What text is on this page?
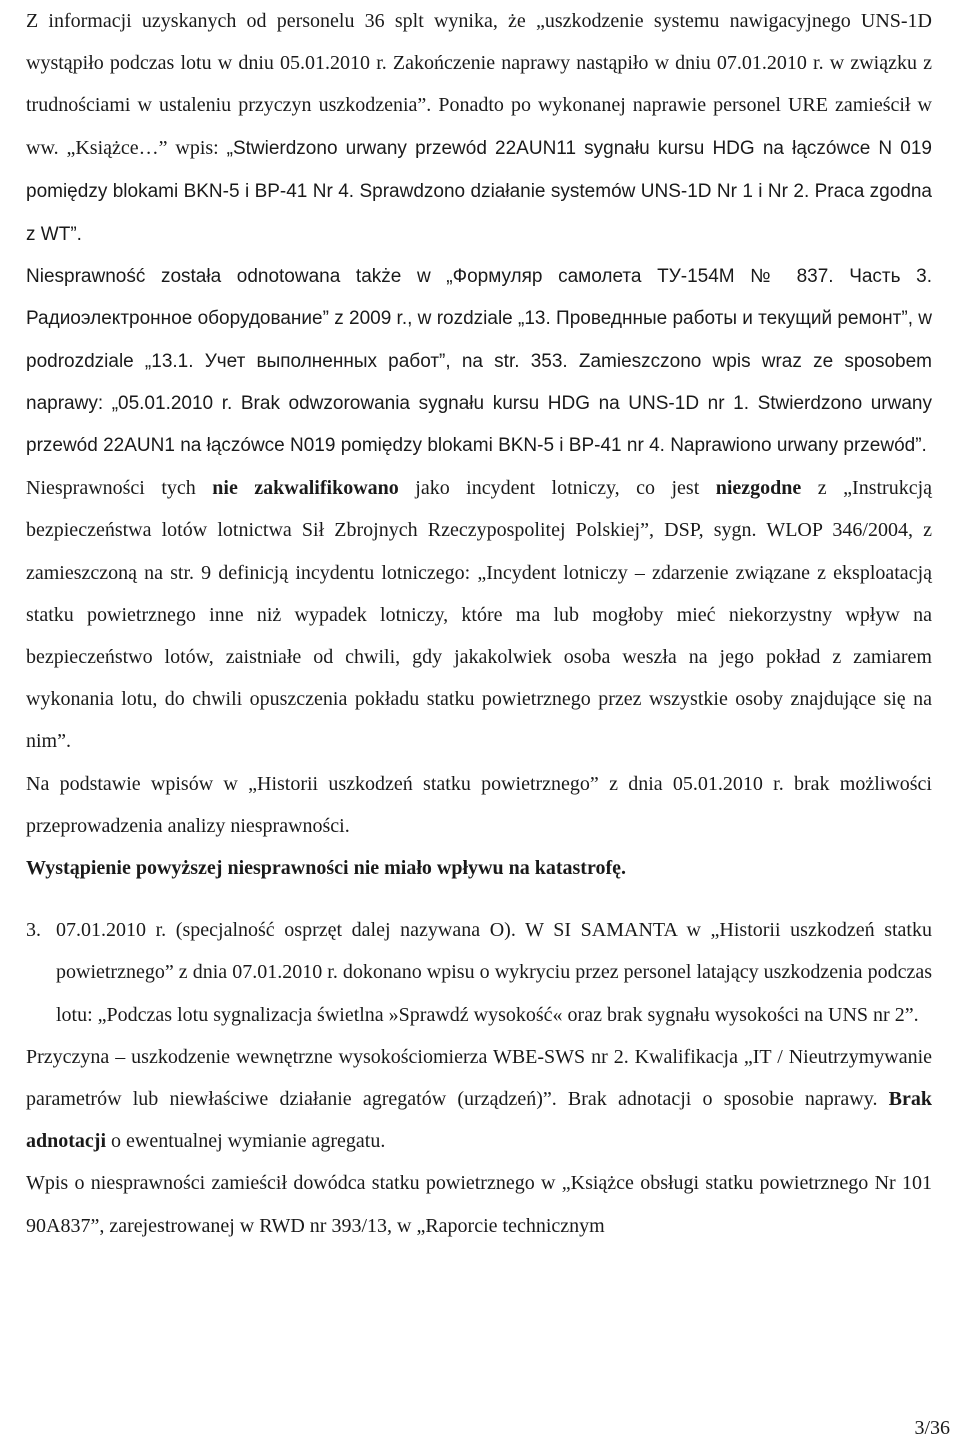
Z informacji uzyskanych od personelu 36 splt wynika, że „uszkodzenie systemu nawigacyjnego UNS-1D wystąpiło podczas lotu w dniu 05.01.2010 r. Zakończenie naprawy nastąpiło w dniu 07.01.2010 r. w związku z trudnościami w ustaleniu przyczyn uszkodzenia”. Ponadto po wykonanej naprawie personel URE zamieścił w ww. „Książce…” wpis: „Stwierdzono urwany przewód 22AUN11 sygnału kursu HDG na łączówce N 019 pomiędzy blokami BKN-5 i BP-41 Nr 4. Sprawdzono działanie systemów UNS-1D Nr 1 i Nr 2. Praca zgodna z WT”.

Niesprawność została odnotowana także w „Формуляр самолета ТУ-154М № 837. Часть 3. Радиоэлектронное оборудование” z 2009 r., w rozdziale „13. Проведнные работы и текущий ремонт”, w podrozdziale „13.1. Учет выполненных работ”, na str. 353. Zamieszczono wpis wraz ze sposobem naprawy: „05.01.2010 r. Brak odwzorowania sygnału kursu HDG na UNS-1D nr 1. Stwierdzono urwany przewód 22AUN1 na łączówce N019 pomiędzy blokami BKN-5 i BP-41 nr 4. Naprawiono urwany przewód”.

Niesprawności tych nie zakwalifikowano jako incydent lotniczy, co jest niezgodne z „Instrukcją bezpieczeństwa lotów lotnictwa Sił Zbrojnych Rzeczypospolitej Polskiej”, DSP, sygn. WLOP 346/2004, z zamieszczoną na str. 9 definicją incydentu lotniczego: „Incydent lotniczy – zdarzenie związane z eksploatacją statku powietrznego inne niż wypadek lotniczy, które ma lub mogłoby mieć niekorzystny wpływ na bezpieczeństwo lotów, zaistniałe od chwili, gdy jakakolwiek osoba weszła na jego pokład z zamiarem wykonania lotu, do chwili opuszczenia pokładu statku powietrznego przez wszystkie osoby znajdujące się na nim”.

Na podstawie wpisów w „Historii uszkodzeń statku powietrznego” z dnia 05.01.2010 r. brak możliwości przeprowadzenia analizy niesprawności.

Wystąpienie powyższej niesprawności nie miało wpływu na katastrofę.

3. 07.01.2010 r. (specjalność osprzęt dalej nazywana O). W SI SAMANTA w „Historii uszkodzeń statku powietrznego” z dnia 07.01.2010 r. dokonano wpisu o wykryciu przez personel latający uszkodzenia podczas lotu: „Podczas lotu sygnalizacja świetlna »Sprawdź wysokość« oraz brak sygnału wysokości na UNS nr 2”.

Przyczyna – uszkodzenie wewnętrzne wysokościomierza WBE-SWS nr 2. Kwalifikacja „IT / Nieutrzymywanie parametrów lub niewłaściwe działanie agregatów (urządzeń)”. Brak adnotacji o sposobie naprawy. Brak adnotacji o ewentualnej wymianie agregatu.

Wpis o niesprawności zamieścił dowódca statku powietrznego w „Książce obsługi statku powietrznego Nr 101 90A837”, zarejestrowanej w RWD nr 393/13, w „Raporcie technicznym

3/36
